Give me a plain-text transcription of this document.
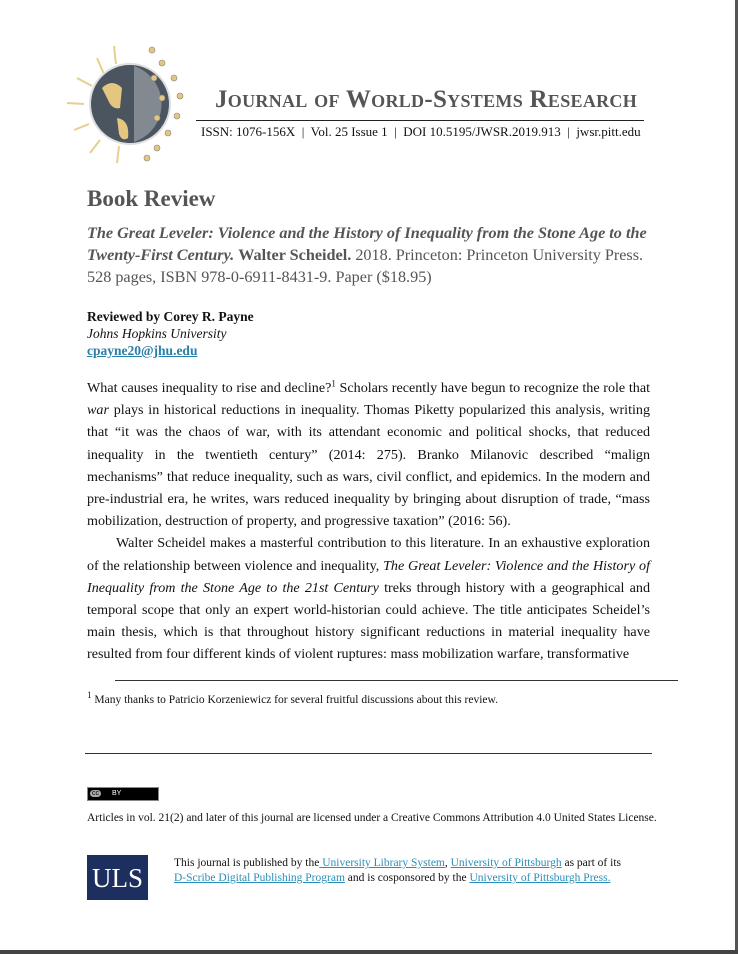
Journal of World-Systems Research
ISSN: 1076-156X  |  Vol. 25 Issue 1  |  DOI 10.5195/JWSR.2019.913  |  jwsr.pitt.edu
Book Review
The Great Leveler: Violence and the History of Inequality from the Stone Age to the Twenty-First Century. Walter Scheidel. 2018. Princeton: Princeton University Press. 528 pages, ISBN 978-0-6911-8431-9. Paper ($18.95)
Reviewed by Corey R. Payne
Johns Hopkins University
cpayne20@jhu.edu

What causes inequality to rise and decline?$^1$ Scholars recently have begun to recognize the role that war plays in historical reductions in inequality. Thomas Piketty popularized this analysis, writing that “it was the chaos of war, with its attendant economic and political shocks, that reduced inequality in the twentieth century” (2014: 275). Branko Milanovic described “malign mechanisms” that reduce inequality, such as wars, civil conflict, and epidemics. In the modern and pre-industrial era, he writes, wars reduced inequality by bringing about disruption of trade, “mass mobilization, destruction of property, and progressive taxation” (2016: 56).

Walter Scheidel makes a masterful contribution to this literature. In an exhaustive exploration of the relationship between violence and inequality, The Great Leveler: Violence and the History of Inequality from the Stone Age to the 21st Century treks through history with a geographical and temporal scope that only an expert world-historian could achieve. The title anticipates Scheidel’s main thesis, which is that throughout history significant reductions in material inequality have resulted from four different kinds of violent ruptures: mass mobilization warfare, transformative

$^1$ Many thanks to Patricio Korzeniewicz for several fruitful discussions about this review.
cc BY
Articles in vol. 21(2) and later of this journal are licensed under a Creative Commons Attribution 4.0 United States License.
ULS	This journal is published by the University Library System, University of Pittsburgh as part of its
D-Scribe Digital Publishing Program and is cosponsored by the University of Pittsburgh Press.
